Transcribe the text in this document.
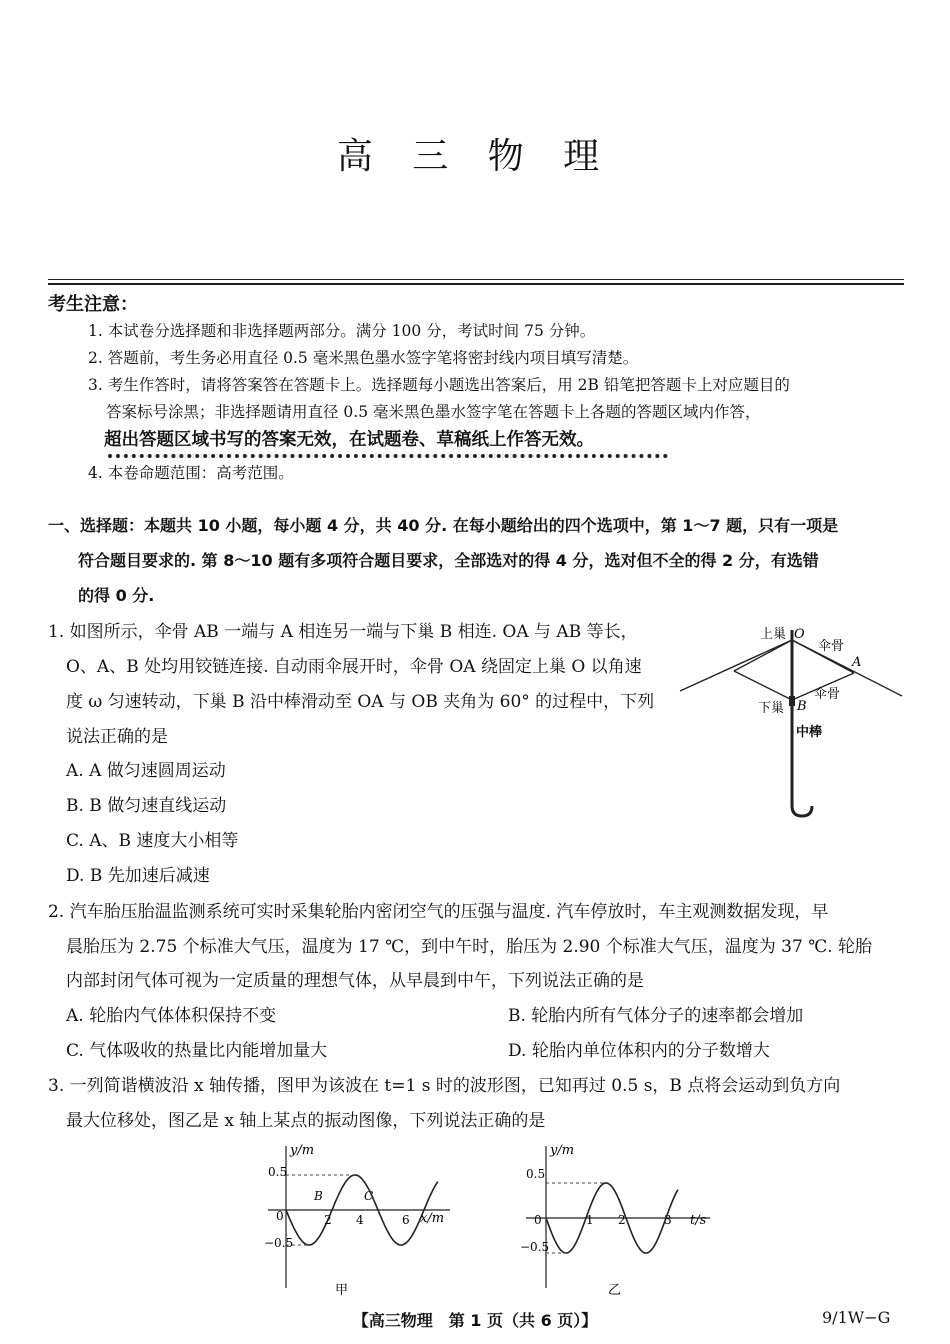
高 三 物 理
考生注意：
1. 本试卷分选择题和非选择题两部分。满分 100 分，考试时间 75 分钟。
2. 答题前，考生务必用直径 0.5 毫米黑色墨水签字笔将密封线内项目填写清楚。
3. 考生作答时，请将答案答在答题卡上。选择题每小题选出答案后，用 2B 铅笔把答题卡上对应题目的
答案标号涂黑；非选择题请用直径 0.5 毫米黑色墨水签字笔在答题卡上各题的答题区域内作答，
超出答题区域书写的答案无效，在试题卷、草稿纸上作答无效。
4. 本卷命题范围：高考范围。
一、选择题：本题共 10 小题，每小题 4 分，共 40 分. 在每小题给出的四个选项中，第 1～7 题，只有一项是
符合题目要求的. 第 8～10 题有多项符合题目要求，全部选对的得 4 分，选对但不全的得 2 分，有选错
的得 0 分.
1. 如图所示，伞骨 AB 一端与 A 相连另一端与下巢 B 相连. OA 与 AB 等长，
O、A、B 处均用铰链连接. 自动雨伞展开时，伞骨 OA 绕固定上巢 O 以角速
度 ω 匀速转动，下巢 B 沿中棒滑动至 OA 与 OB 夹角为 60° 的过程中，下列
说法正确的是
A. A 做匀速圆周运动
B. B 做匀速直线运动
C. A、B 速度大小相等
D. B 先加速后减速
上巢 O
伞骨
A
伞骨
下巢 B
中棒
2. 汽车胎压胎温监测系统可实时采集轮胎内密闭空气的压强与温度. 汽车停放时，车主观测数据发现，早
晨胎压为 2.75 个标准大气压，温度为 17 ℃，到中午时，胎压为 2.90 个标准大气压，温度为 37 ℃. 轮胎
内部封闭气体可视为一定质量的理想气体，从早晨到中午，下列说法正确的是
A. 轮胎内气体体积保持不变	B. 轮胎内所有气体分子的速率都会增加
C. 气体吸收的热量比内能增加量大	D. 轮胎内单位体积内的分子数增大
3. 一列简谐横波沿 x 轴传播，图甲为该波在 t=1 s 时的波形图，已知再过 0.5 s，B 点将会运动到负方向
最大位移处，图乙是 x 轴上某点的振动图像，下列说法正确的是
y/m
x/m
0.5
0
−0.5
2 4	6
B	C
甲
y/m
t/s
0.5
0
−0.5
1 2	3
乙
【高三物理　第 1 页（共 6 页）】	9/1W−G
